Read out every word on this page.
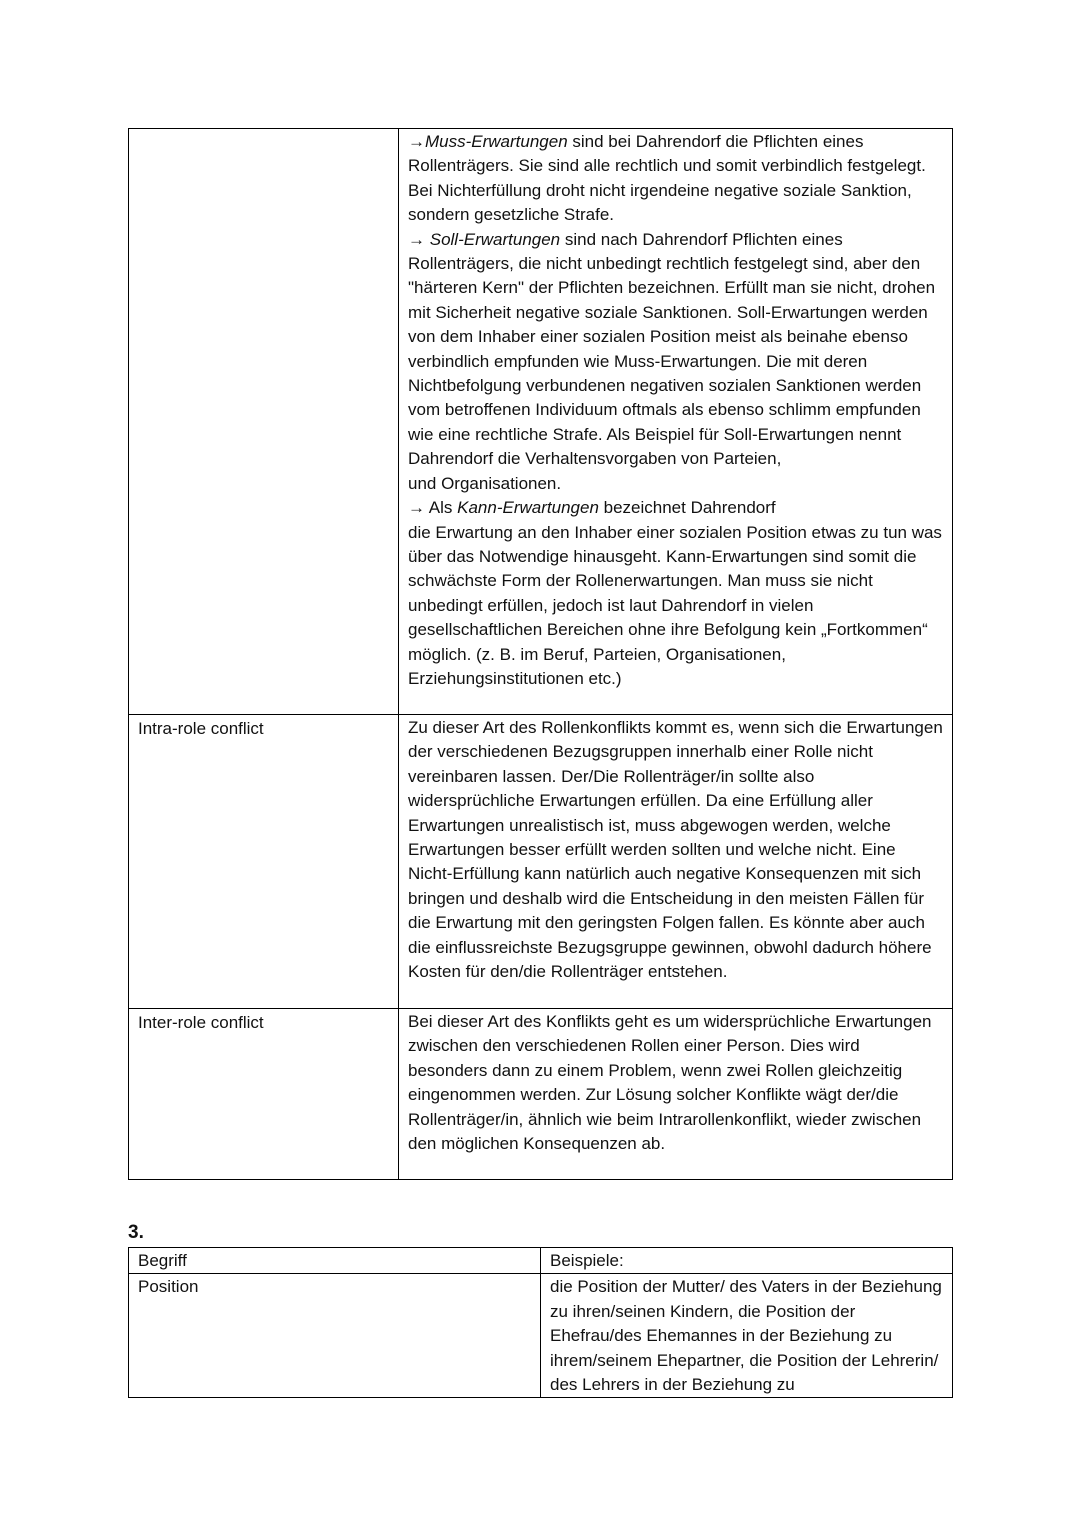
	→Muss-Erwartungen sind bei Dahrendorf die Pflichten eines Rollenträgers. Sie sind alle rechtlich und somit verbindlich festgelegt. Bei Nichterfüllung droht nicht irgendeine negative soziale Sanktion, sondern gesetzliche Strafe.
→ Soll-Erwartungen sind nach Dahrendorf Pflichten eines Rollenträgers, die nicht unbedingt rechtlich festgelegt sind, aber den "härteren Kern" der Pflichten bezeichnen. Erfüllt man sie nicht, drohen mit Sicherheit negative soziale Sanktionen. Soll-Erwartungen werden von dem Inhaber einer sozialen Position meist als beinahe ebenso verbindlich empfunden wie Muss-Erwartungen. Die mit deren Nichtbefolgung verbundenen negativen sozialen Sanktionen werden vom betroffenen Individuum oftmals als ebenso schlimm empfunden wie eine rechtliche Strafe. Als Beispiel für Soll-Erwartungen nennt Dahrendorf die Verhaltensvorgaben von Parteien,
und Organisationen.
→ Als Kann-Erwartungen bezeichnet Dahrendorf
die Erwartung an den Inhaber einer sozialen Position etwas zu tun was über das Notwendige hinausgeht. Kann-Erwartungen sind somit die schwächste Form der Rollenerwartungen. Man muss sie nicht unbedingt erfüllen, jedoch ist laut Dahrendorf in vielen gesellschaftlichen Bereichen ohne ihre Befolgung kein „Fortkommen“ möglich. (z. B. im Beruf, Parteien, Organisationen, Erziehungsinstitutionen etc.)

Intra-role conflict	Zu dieser Art des Rollenkonflikts kommt es, wenn sich die Erwartungen der verschiedenen Bezugsgruppen innerhalb einer Rolle nicht vereinbaren lassen. Der/Die Rollenträger/in sollte also widersprüchliche Erwartungen erfüllen. Da eine Erfüllung aller Erwartungen unrealistisch ist, muss abgewogen werden, welche Erwartungen besser erfüllt werden sollten und welche nicht. Eine Nicht-Erfüllung kann natürlich auch negative Konsequenzen mit sich bringen und deshalb wird die Entscheidung in den meisten Fällen für die Erwartung mit den geringsten Folgen fallen. Es könnte aber auch die einflussreichste Bezugsgruppe gewinnen, obwohl dadurch höhere Kosten für den/die Rollenträger entstehen.
Inter-role conflict	Bei dieser Art des Konflikts geht es um widersprüchliche Erwartungen zwischen den verschiedenen Rollen einer Person. Dies wird besonders dann zu einem Problem, wenn zwei Rollen gleichzeitig eingenommen werden. Zur Lösung solcher Konflikte wägt der/die Rollenträger/in, ähnlich wie beim Intrarollenkonflikt, wieder zwischen den möglichen Konsequenzen ab.

3.

Begriff	Beispiele:
Position	die Position der Mutter/ des Vaters in der Beziehung zu ihren/seinen Kindern, die Position der Ehefrau/des Ehemannes in der Beziehung zu ihrem/seinem Ehepartner, die Position der Lehrerin/ des Lehrers in der Beziehung zu
